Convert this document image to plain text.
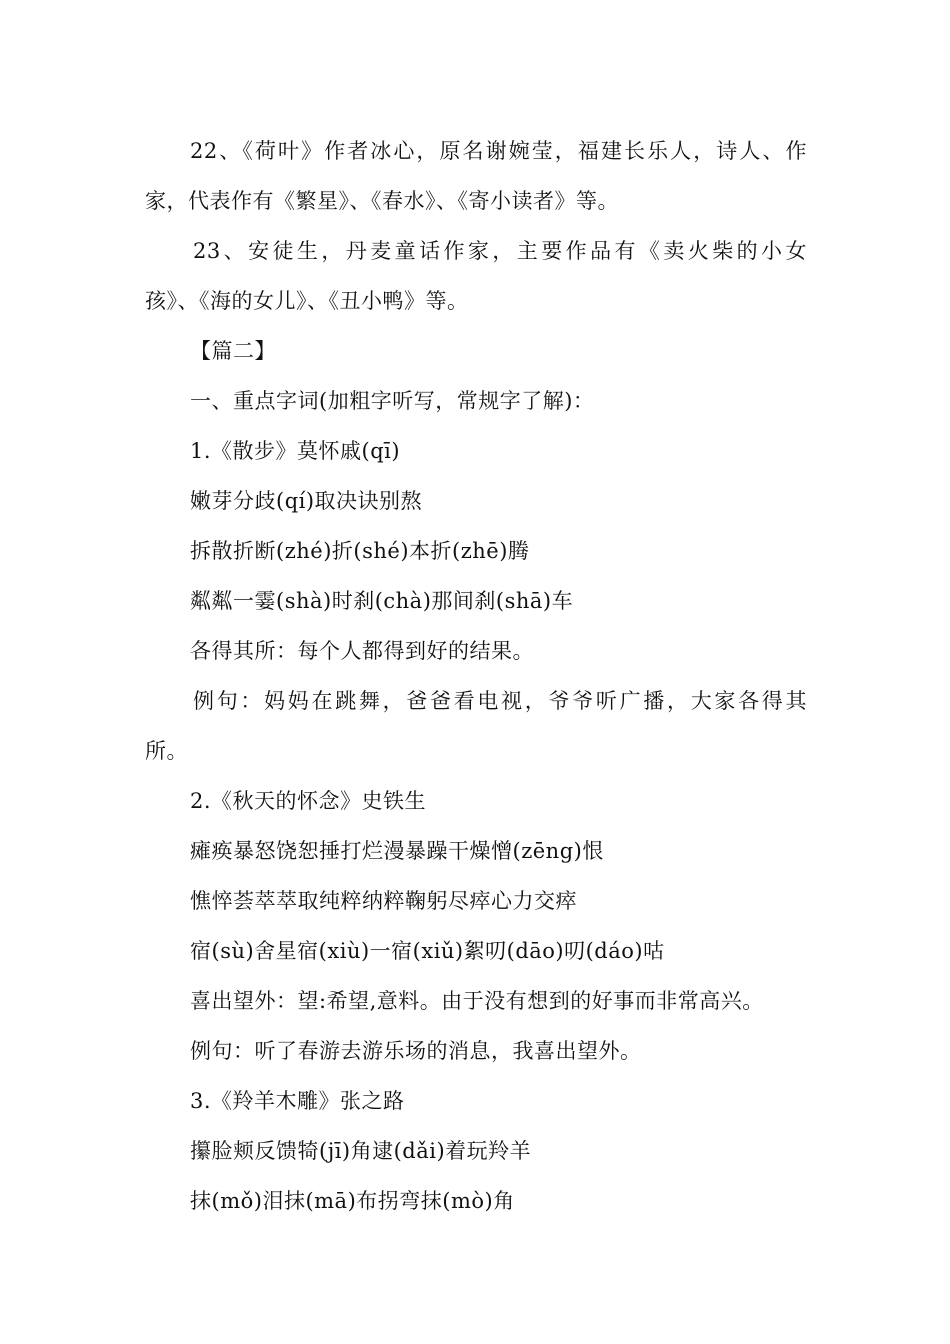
22、《荷叶》作者冰心，原名谢婉莹，福建长乐人，诗人、作
家，代表作有《繁星》、《春水》、《寄小读者》等。
23、安徒生，丹麦童话作家，主要作品有《卖火柴的小女
孩》、《海的女儿》、《丑小鸭》等。
【篇二】
一、重点字词(加粗字听写，常规字了解)：
1.《散步》莫怀戚(qī)
嫩芽分歧(qí)取决诀别熬
拆散折断(zhé)折(shé)本折(zhē)腾
粼粼一霎(shà)时刹(chà)那间刹(shā)车
各得其所：每个人都得到好的结果。
例句：妈妈在跳舞，爸爸看电视，爷爷听广播，大家各得其
所。
2.《秋天的怀念》史铁生
瘫痪暴怒饶恕捶打烂漫暴躁干燥憎(zēng)恨
憔悴荟萃萃取纯粹纳粹鞠躬尽瘁心力交瘁
宿(sù)舍星宿(xiù)一宿(xiǔ)絮叨(dāo)叨(dáo)咕
喜出望外：望:希望,意料。由于没有想到的好事而非常高兴。
例句：听了春游去游乐场的消息，我喜出望外。
3.《羚羊木雕》张之路
攥脸颊反馈犄(jī)角逮(dǎi)着玩羚羊
抹(mǒ)泪抹(mā)布拐弯抹(mò)角
